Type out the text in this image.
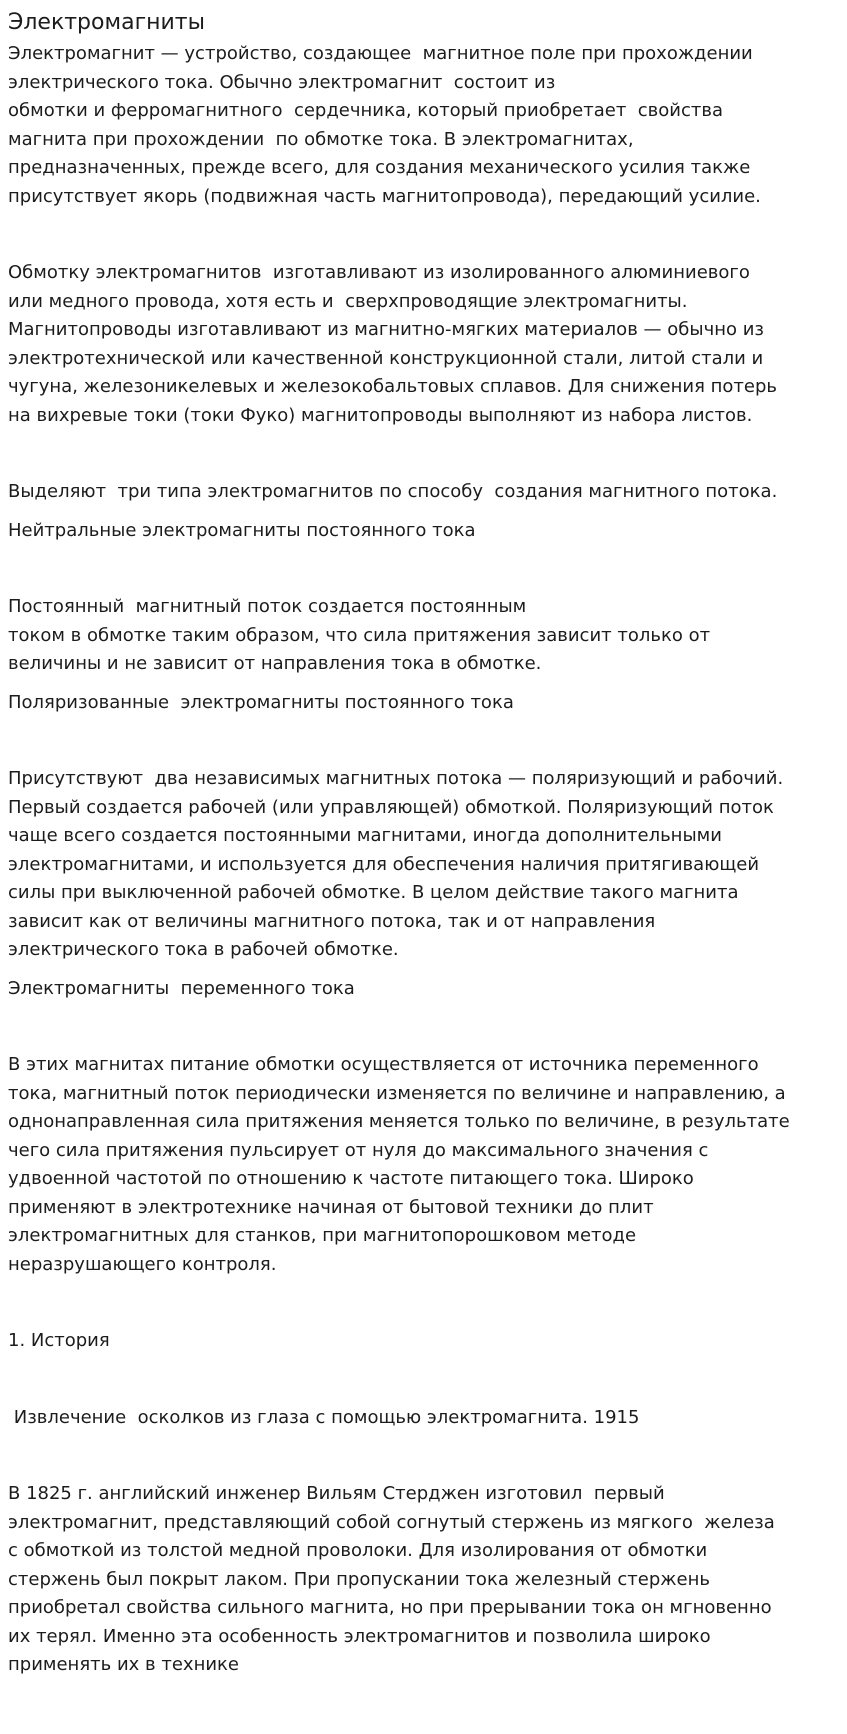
Электромагниты

Электромагнит — устройство, создающее  магнитное поле при прохождении
электрического тока. Обычно электромагнит  состоит из
обмотки и ферромагнитного  сердечника, который приобретает  свойства
магнита при прохождении  по обмотке тока. В электромагнитах,
предназначенных, прежде всего, для создания механического усилия также
присутствует якорь (подвижная часть магнитопровода), передающий усилие.

Обмотку электромагнитов  изготавливают из изолированного алюминиевого
или медного провода, хотя есть и  сверхпроводящие электромагниты.
Магнитопроводы изготавливают из магнитно-мягких материалов — обычно из
электротехнической или качественной конструкционной стали, литой стали и
чугуна, железоникелевых и железокобальтовых сплавов. Для снижения потерь
на вихревые токи (токи Фуко) магнитопроводы выполняют из набора листов.

Выделяют  три типа электромагнитов по способу  создания магнитного потока.

Нейтральные электромагниты постоянного тока

Постоянный  магнитный поток создается постоянным
током в обмотке таким образом, что сила притяжения зависит только от
величины и не зависит от направления тока в обмотке.

Поляризованные  электромагниты постоянного тока

Присутствуют  два независимых магнитных потока — поляризующий и рабочий.
Первый создается рабочей (или управляющей) обмоткой. Поляризующий поток
чаще всего создается постоянными магнитами, иногда дополнительными
электромагнитами, и используется для обеспечения наличия притягивающей
силы при выключенной рабочей обмотке. В целом действие такого магнита
зависит как от величины магнитного потока, так и от направления
электрического тока в рабочей обмотке.

Электромагниты  переменного тока

В этих магнитах питание обмотки осуществляется от источника переменного
тока, магнитный поток периодически изменяется по величине и направлению, а
однонаправленная сила притяжения меняется только по величине, в результате
чего сила притяжения пульсирует от нуля до максимального значения с
удвоенной частотой по отношению к частоте питающего тока. Широко
применяют в электротехнике начиная от бытовой техники до плит
электромагнитных для станков, при магнитопорошковом методе
неразрушающего контроля.

1. История

Извлечение  осколков из глаза с помощью электромагнита. 1915

В 1825 г. английский инженер Вильям Стерджен изготовил  первый
электромагнит, представляющий собой согнутый стержень из мягкого  железа
с обмоткой из толстой медной проволоки. Для изолирования от обмотки
стержень был покрыт лаком. При пропускании тока железный стержень
приобретал свойства сильного магнита, но при прерывании тока он мгновенно
их терял. Именно эта особенность электромагнитов и позволила широко
применять их в технике
